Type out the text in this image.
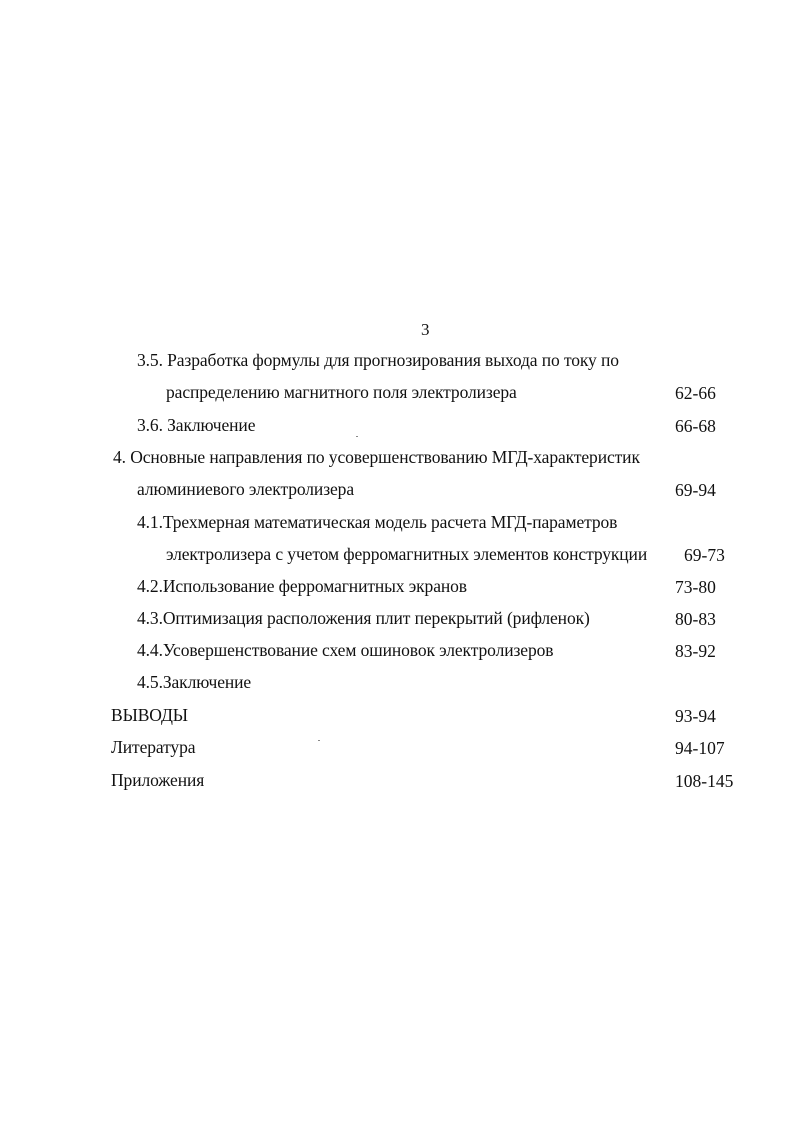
3
3.5. Разработка формулы для прогнозирования выхода по току по
распределению магнитного поля электролизера	62-66
3.6. Заключение	66-68
4. Основные направления по усовершенствованию МГД-характеристик
алюминиевого электролизера	69-94
4.1.Трехмерная математическая модель расчета МГД-параметров
электролизера с учетом ферромагнитных элементов конструкции 69-73
4.2.Использование ферромагнитных экранов	73-80
4.3.Оптимизация расположения плит перекрытий (рифленок)	80-83
4.4.Усовершенствование схем ошиновок электролизеров	83-92
4.5.Заключение
ВЫВОДЫ	93-94
Литература	94-107
Приложения	108-145
